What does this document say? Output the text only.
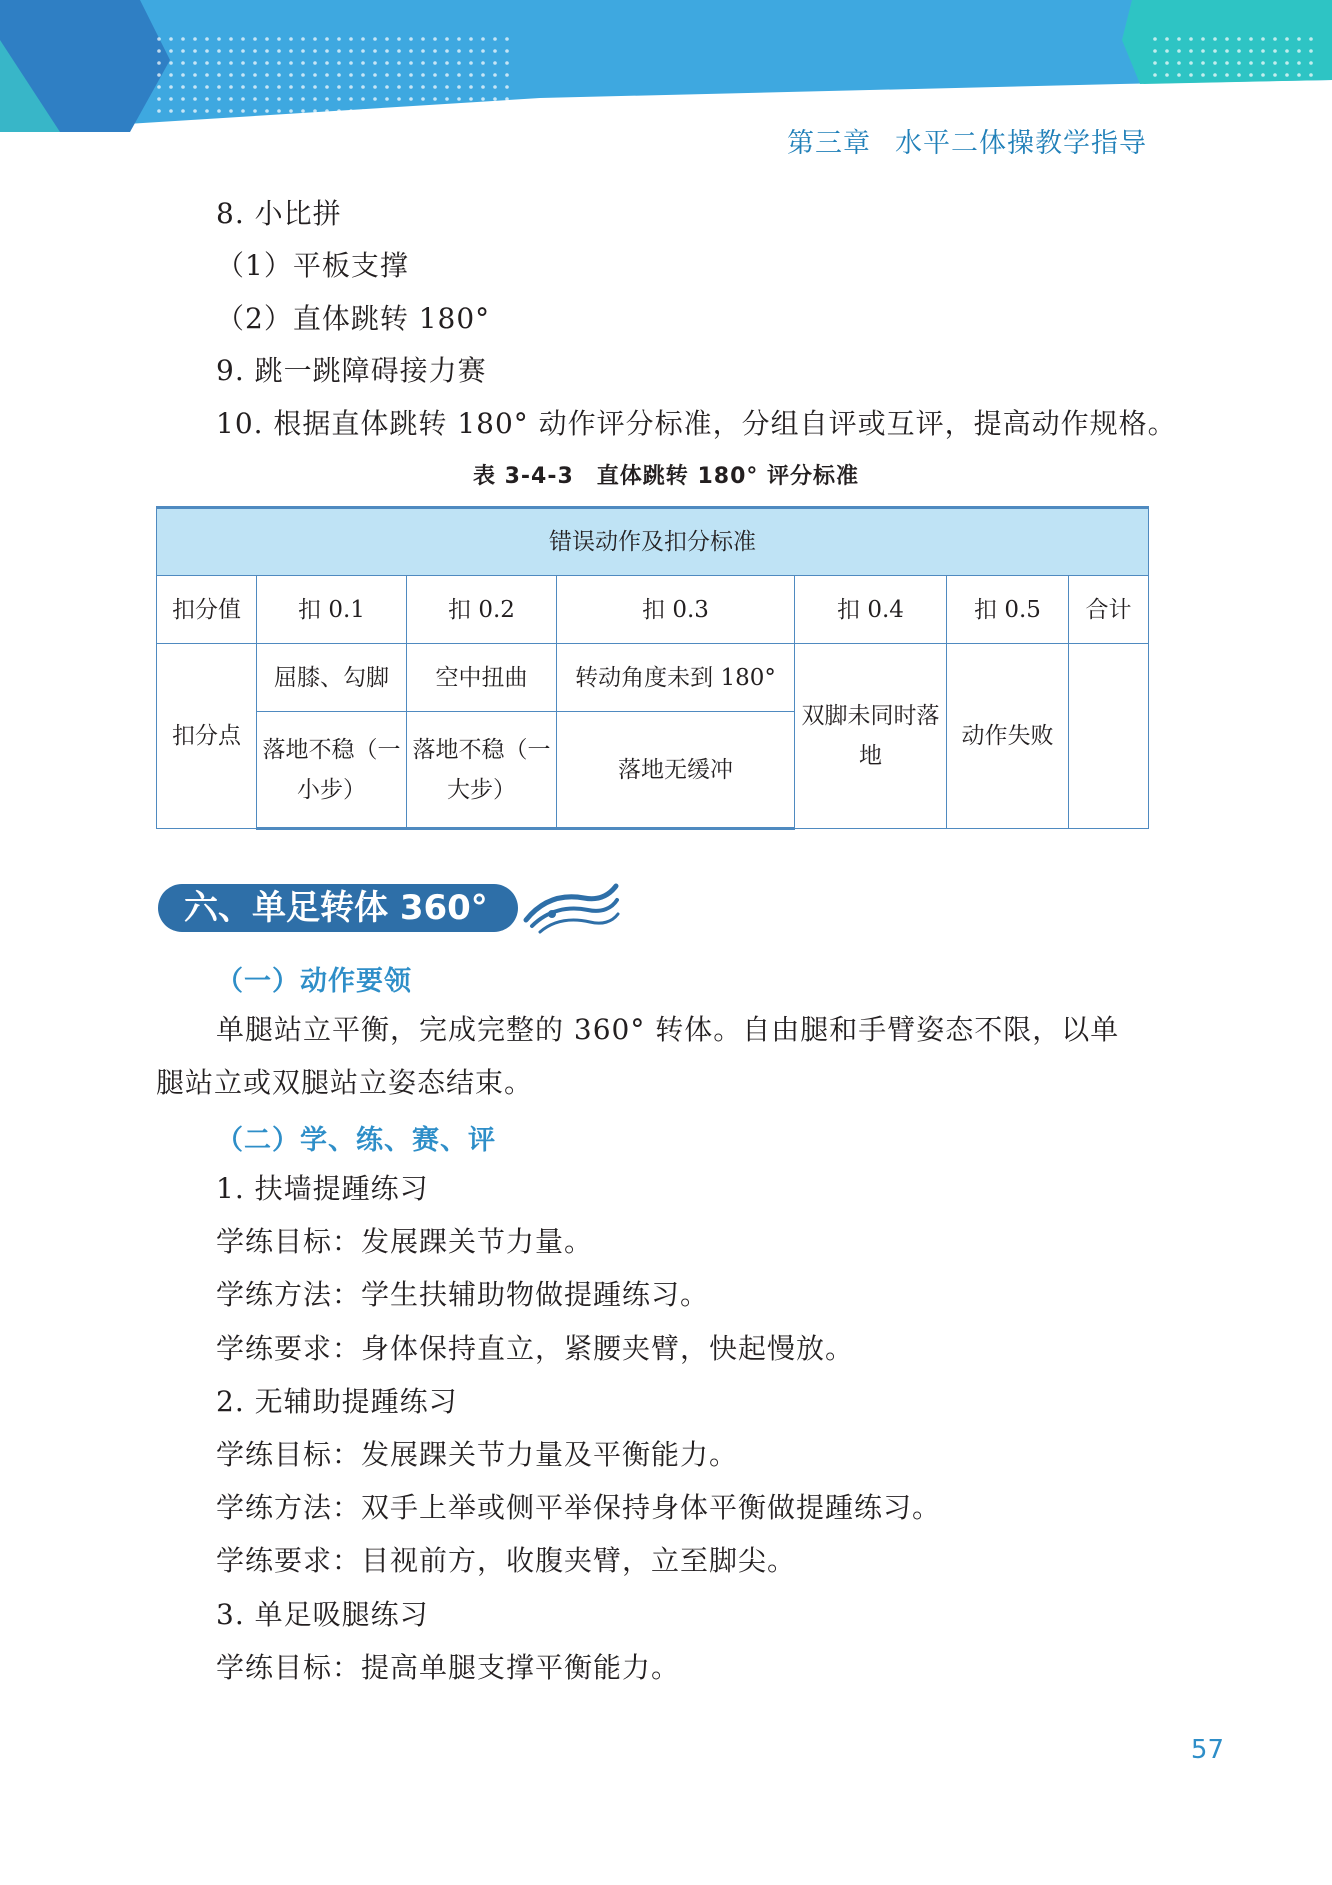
第三章 水平二体操教学指导
8. 小比拼
（1）平板支撑
（2）直体跳转 180°
9. 跳一跳障碍接力赛
10. 根据直体跳转 180° 动作评分标准，分组自评或互评，提高动作规格。
表 3-4-3　直体跳转 180° 评分标准
错误动作及扣分标准						
扣分值	扣 0.1	扣 0.2	扣 0.3	扣 0.4	扣 0.5	合计
扣分点	屈膝、勾脚	空中扭曲	转动角度未到 180°	双脚未同时落地	动作失败	
	落地不稳（一小步）	落地不稳（一大步）	落地无缓冲			
六、单足转体 360°
（一）动作要领
单腿站立平衡，完成完整的 360° 转体。自由腿和手臂姿态不限，以单
腿站立或双腿站立姿态结束。
（二）学、练、赛、评
1. 扶墙提踵练习
学练目标：发展踝关节力量。
学练方法：学生扶辅助物做提踵练习。
学练要求：身体保持直立，紧腰夹臂，快起慢放。
2. 无辅助提踵练习
学练目标：发展踝关节力量及平衡能力。
学练方法：双手上举或侧平举保持身体平衡做提踵练习。
学练要求：目视前方，收腹夹臂，立至脚尖。
3. 单足吸腿练习
学练目标：提高单腿支撑平衡能力。
57
